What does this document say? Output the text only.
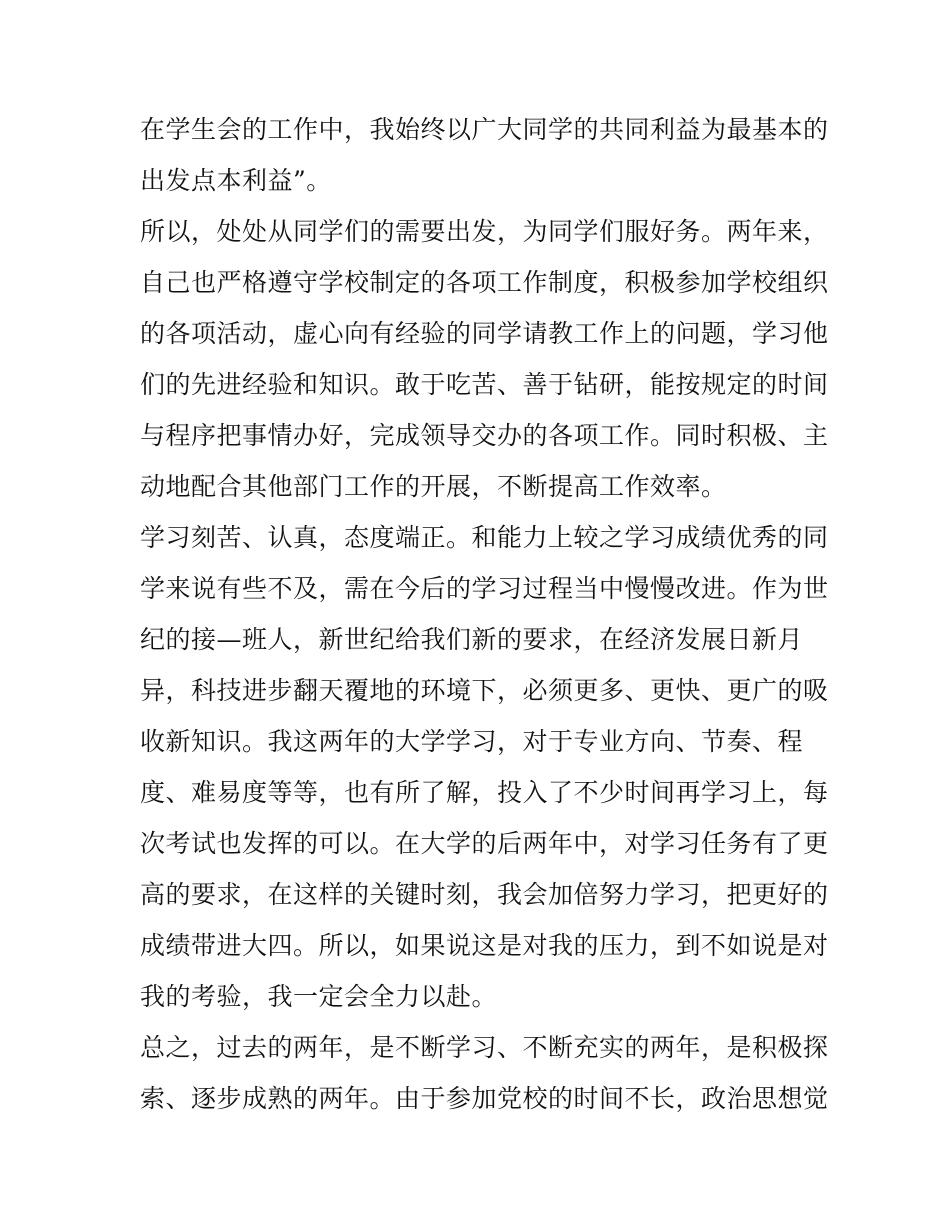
在学生会的工作中，我始终以广大同学的共同利益为最基本的
出发点本利益”。
所以，处处从同学们的需要出发，为同学们服好务。两年来，
自己也严格遵守学校制定的各项工作制度，积极参加学校组织
的各项活动，虚心向有经验的同学请教工作上的问题，学习他
们的先进经验和知识。敢于吃苦、善于钻研，能按规定的时间
与程序把事情办好，完成领导交办的各项工作。同时积极、主
动地配合其他部门工作的开展，不断提高工作效率。
学习刻苦、认真，态度端正。和能力上较之学习成绩优秀的同
学来说有些不及，需在今后的学习过程当中慢慢改进。作为世
纪的接—班人，新世纪给我们新的要求，在经济发展日新月
异，科技进步翻天覆地的环境下，必须更多、更快、更广的吸
收新知识。我这两年的大学学习，对于专业方向、节奏、程
度、难易度等等，也有所了解，投入了不少时间再学习上，每
次考试也发挥的可以。在大学的后两年中，对学习任务有了更
高的要求，在这样的关键时刻，我会加倍努力学习，把更好的
成绩带进大四。所以，如果说这是对我的压力，到不如说是对
我的考验，我一定会全力以赴。
总之，过去的两年，是不断学习、不断充实的两年，是积极探
索、逐步成熟的两年。由于参加党校的时间不长，政治思想觉
